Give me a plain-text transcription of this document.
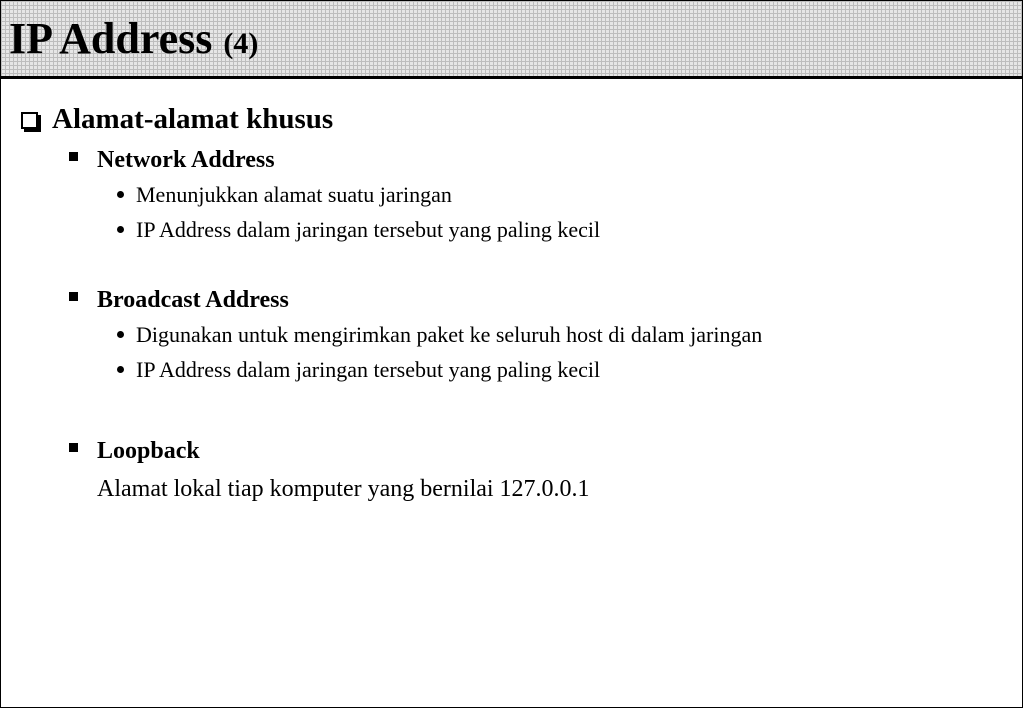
IP Address (4)
Alamat-alamat khusus
Network Address
Menunjukkan alamat suatu jaringan
IP Address dalam jaringan tersebut yang paling kecil
Broadcast Address
Digunakan untuk mengirimkan paket ke seluruh host di dalam jaringan
IP Address dalam jaringan tersebut yang paling kecil
Loopback
Alamat lokal tiap komputer yang bernilai 127.0.0.1
